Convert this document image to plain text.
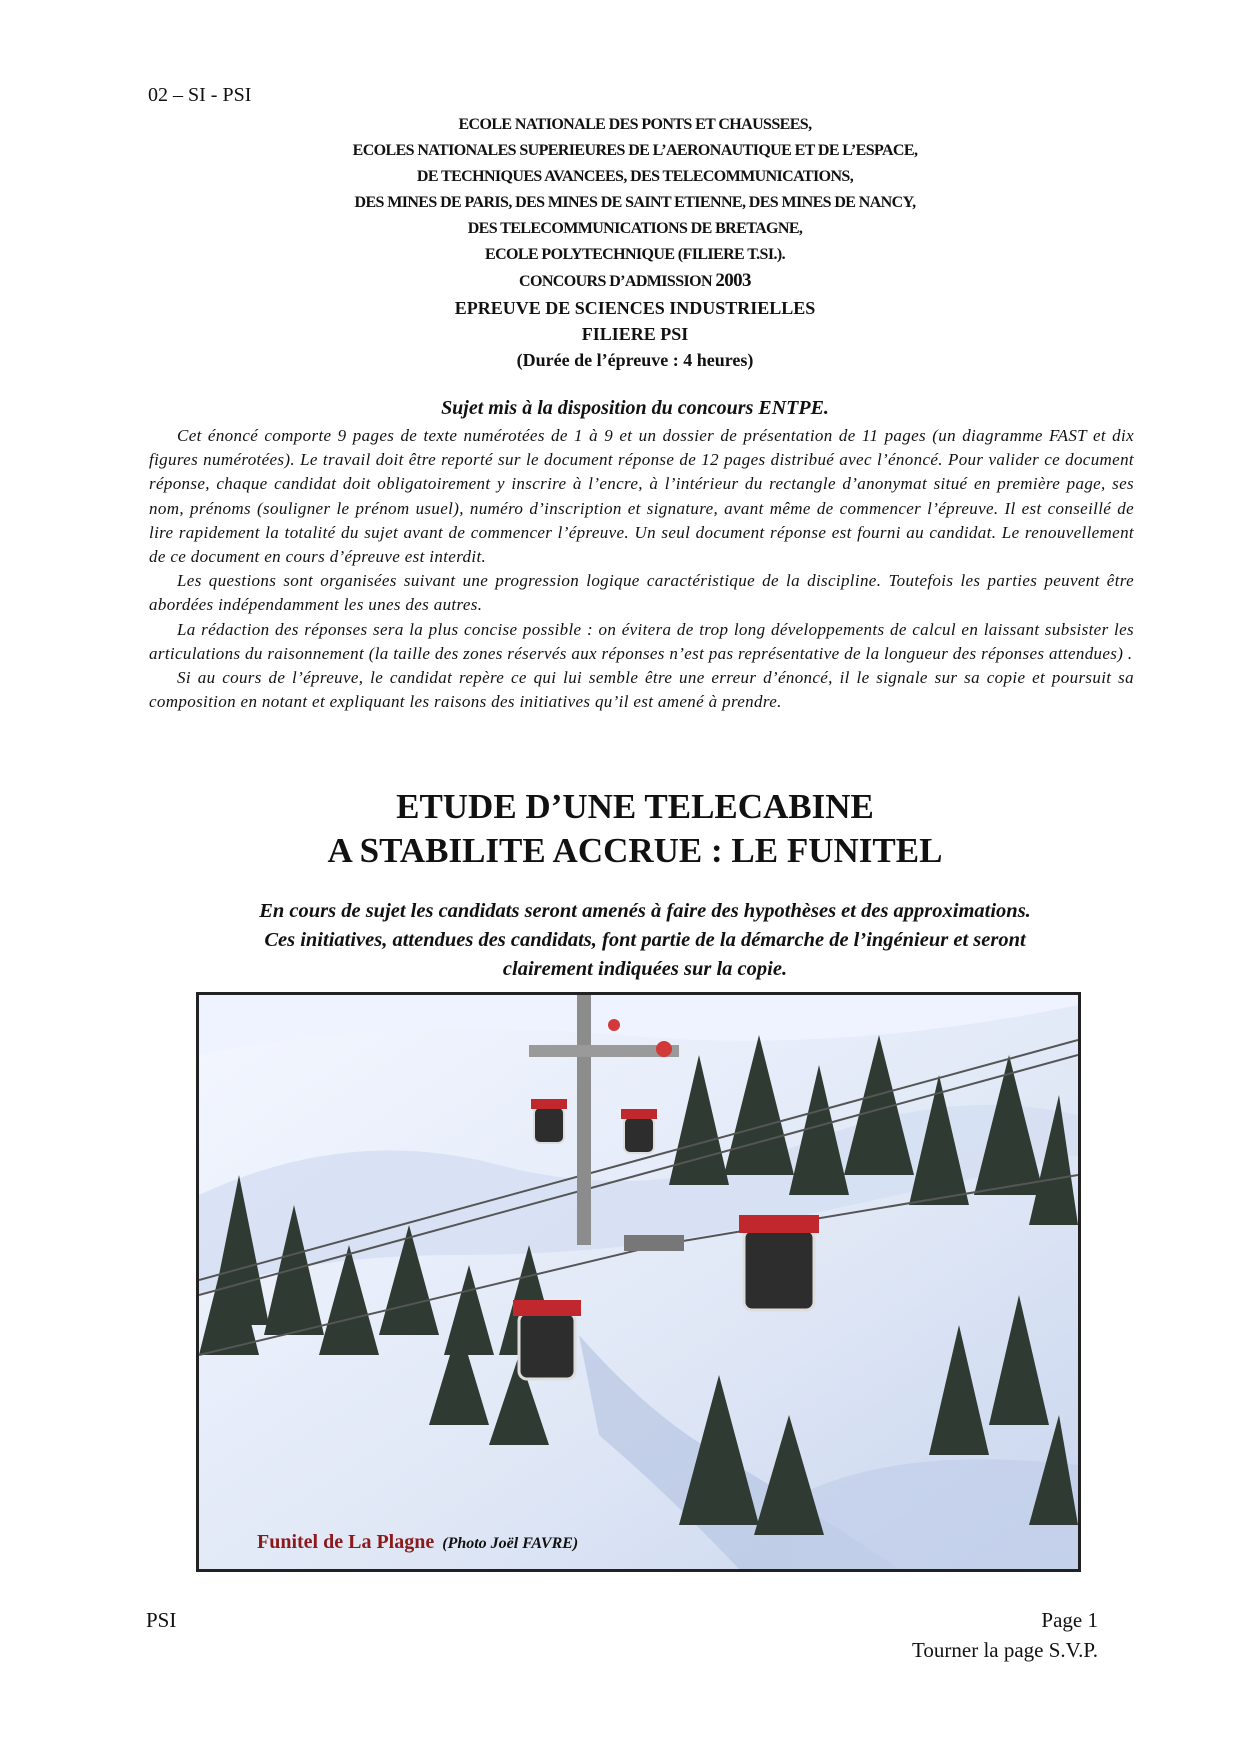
02 – SI - PSI
ECOLE NATIONALE DES PONTS ET CHAUSSEES,
ECOLES NATIONALES SUPERIEURES DE L’AERONAUTIQUE ET DE L’ESPACE,
DE TECHNIQUES AVANCEES, DES TELECOMMUNICATIONS,
DES MINES DE PARIS, DES MINES DE SAINT ETIENNE, DES MINES DE NANCY,
DES TELECOMMUNICATIONS DE BRETAGNE,
ECOLE POLYTECHNIQUE (FILIERE T.SI.).
CONCOURS D’ADMISSION 2003
EPREUVE DE SCIENCES INDUSTRIELLES
FILIERE PSI
(Durée de l’épreuve : 4 heures)
Sujet mis à la disposition du concours ENTPE.

Cet énoncé comporte 9 pages de texte numérotées de 1 à 9 et un dossier de présentation de 11 pages (un diagramme FAST et dix figures numérotées). Le travail doit être reporté sur le document réponse de 12 pages distribué avec l’énoncé. Pour valider ce document réponse, chaque candidat doit obligatoirement y inscrire à l’encre, à l’intérieur du rectangle d’anonymat situé en première page, ses nom, prénoms (souligner le prénom usuel), numéro d’inscription et signature, avant même de commencer l’épreuve. Il est conseillé de lire rapidement la totalité du sujet avant de commencer l’épreuve. Un seul document réponse est fourni au candidat. Le renouvellement de ce document en cours d’épreuve est interdit.

Les questions sont organisées suivant une progression logique caractéristique de la discipline. Toutefois les parties peuvent être abordées indépendamment les unes des autres.

La rédaction des réponses sera la plus concise possible : on évitera de trop long développements de calcul en laissant subsister les articulations du raisonnement (la taille des zones réservés aux réponses n’est pas représentative de la longueur des réponses attendues) .

Si au cours de l’épreuve, le candidat repère ce qui lui semble être une erreur d’énoncé, il le signale sur sa copie et poursuit sa composition en notant et expliquant les raisons des initiatives qu’il est amené à prendre.

ETUDE D’UNE TELECABINE
A STABILITE ACCRUE : LE FUNITEL
En cours de sujet les candidats seront amenés à faire des hypothèses et des approximations.
Ces initiatives, attendues des candidats, font partie de la démarche de l’ingénieur et seront
clairement indiquées sur la copie.
Funitel de La Plagne (Photo Joël FAVRE)
PSI	Page 1
Tourner la page S.V.P.
